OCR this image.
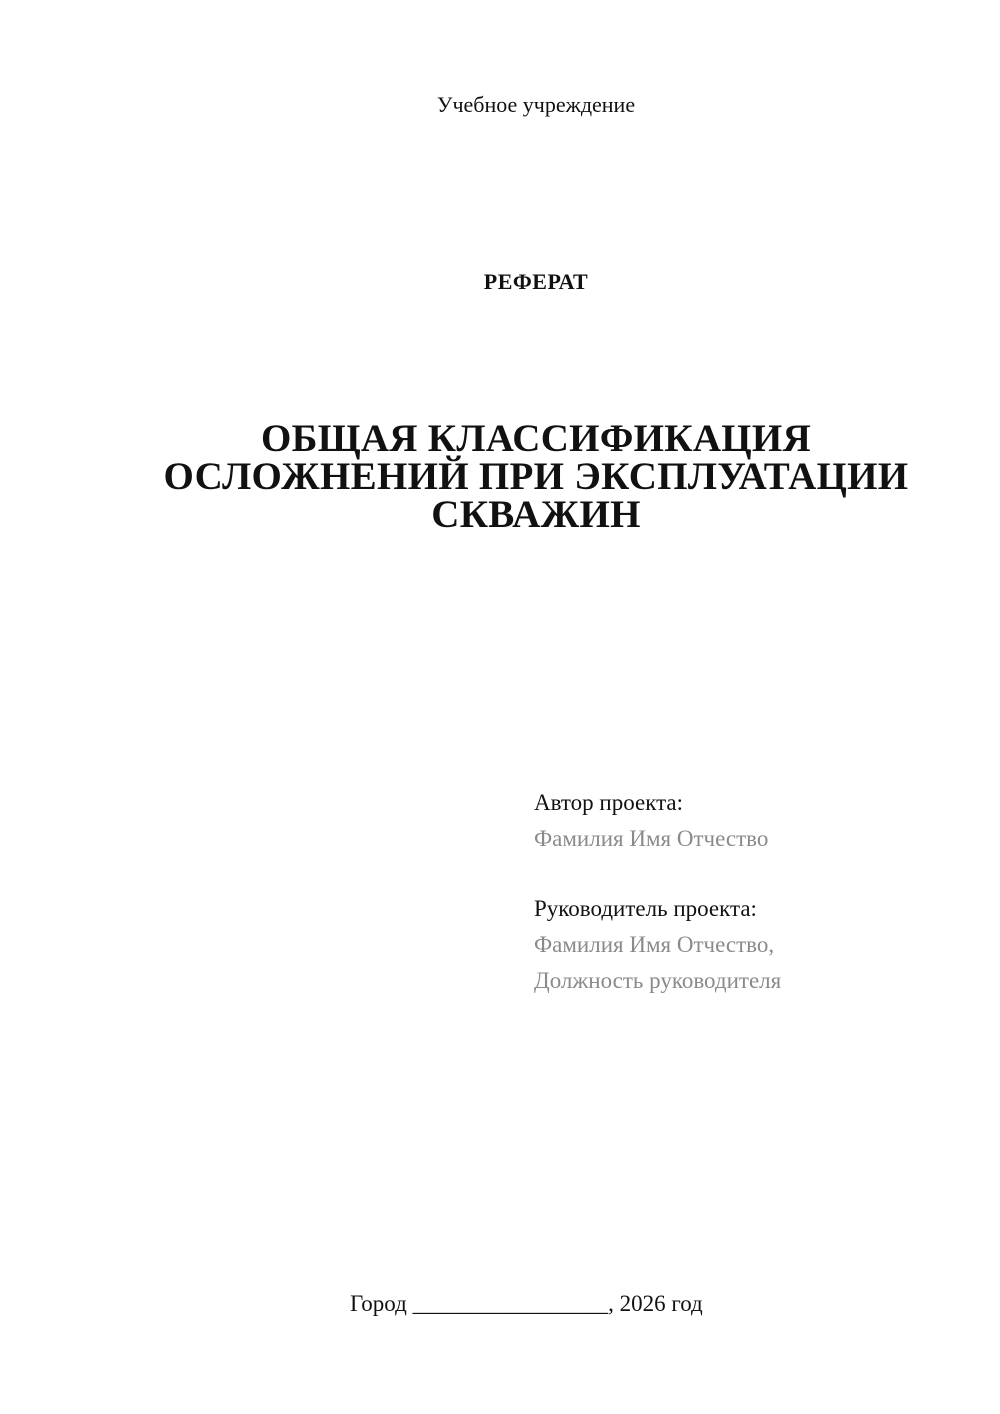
Учебное учреждение
РЕФЕРАТ
ОБЩАЯ КЛАССИФИКАЦИЯ
ОСЛОЖНЕНИЙ ПРИ ЭКСПЛУАТАЦИИ
СКВАЖИН
Автор проекта:
Фамилия Имя Отчество
Руководитель проекта:
Фамилия Имя Отчество,
Должность руководителя
Город _________________, 2026 год
